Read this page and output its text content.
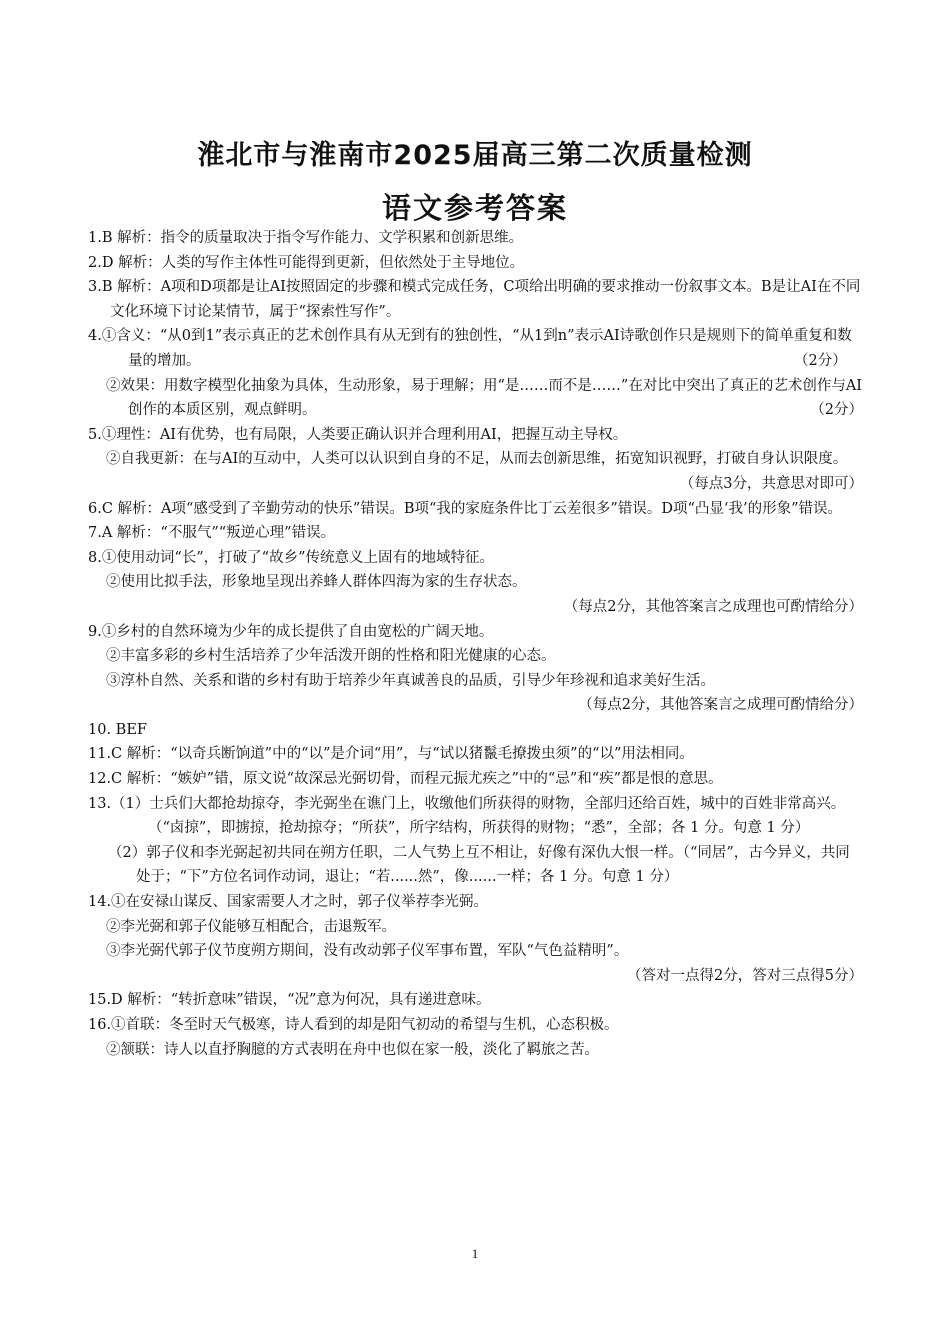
淮北市与淮南市2025届高三第二次质量检测
语文参考答案

1.B 解析：指令的质量取决于指令写作能力、文学积累和创新思维。

2.D 解析：人类的写作主体性可能得到更新，但依然处于主导地位。

3.B 解析：A项和D项都是让AI按照固定的步骤和模式完成任务，C项给出明确的要求推动一份叙事文本。B是让AI在不同文化环境下讨论某情节，属于“探索性写作”。

4.①含义：“从0到1”表示真正的艺术创作具有从无到有的独创性，“从1到n”表示AI诗歌创作只是规则下的简单重复和数量的增加。	（2分）
②效果：用数字模型化抽象为具体，生动形象，易于理解；用“是……而不是……”在对比中突出了真正的艺术创作与AI创作的本质区别，观点鲜明。	（2分）

5.①理性：AI有优势，也有局限，人类要正确认识并合理利用AI，把握互动主导权。

②自我更新：在与AI的互动中，人类可以认识到自身的不足，从而去创新思维，拓宽知识视野，打破自身认识限度。
（每点3分，共意思对即可）

6.C 解析：A项“感受到了辛勤劳动的快乐”错误。B项“我的家庭条件比丁云差很多”错误。D项“凸显‘我’的形象”错误。

7.A 解析：“不服气”“叛逆心理”错误。

8.①使用动词“长”，打破了“故乡”传统意义上固有的地域特征。

②使用比拟手法，形象地呈现出养蜂人群体四海为家的生存状态。

（每点2分，其他答案言之成理也可酌情给分）

9.①乡村的自然环境为少年的成长提供了自由宽松的广阔天地。

②丰富多彩的乡村生活培养了少年活泼开朗的性格和阳光健康的心态。

③淳朴自然、关系和谐的乡村有助于培养少年真诚善良的品质，引导少年珍视和追求美好生活。

（每点2分，其他答案言之成理可酌情给分）

10. BEF

11.C 解析：“以奇兵断饷道”中的“以”是介词“用”，与“试以猪鬣毛撩拨虫须”的“以”用法相同。

12.C 解析：“嫉妒”错，原文说“故深忌光弼切骨，而程元振尤疾之”中的“忌”和“疾”都是恨的意思。

13.（1）士兵们大都抢劫掠夺，李光弼坐在谯门上，收缴他们所获得的财物，全部归还给百姓，城中的百姓非常高兴。（“卤掠”，即掳掠，抢劫掠夺；“所获”，所字结构，所获得的财物；“悉”，全部；各 1 分。句意 1 分）

（2）郭子仪和李光弼起初共同在朔方任职，二人气势上互不相让，好像有深仇大恨一样。（“同居”，古今异义，共同处于；“下”方位名词作动词，退让；“若......然”，像......一样；各 1 分。句意 1 分）

14.①在安禄山谋反、国家需要人才之时，郭子仪举荐李光弼。

②李光弼和郭子仪能够互相配合，击退叛军。

③李光弼代郭子仪节度朔方期间，没有改动郭子仪军事布置，军队“气色益精明”。

（答对一点得2分，答对三点得5分）

15.D 解析：“转折意味”错误，“况”意为何况，具有递进意味。

16.①首联：冬至时天气极寒，诗人看到的却是阳气初动的希望与生机，心态积极。

②颔联：诗人以直抒胸臆的方式表明在舟中也似在家一般，淡化了羁旅之苦。

1
